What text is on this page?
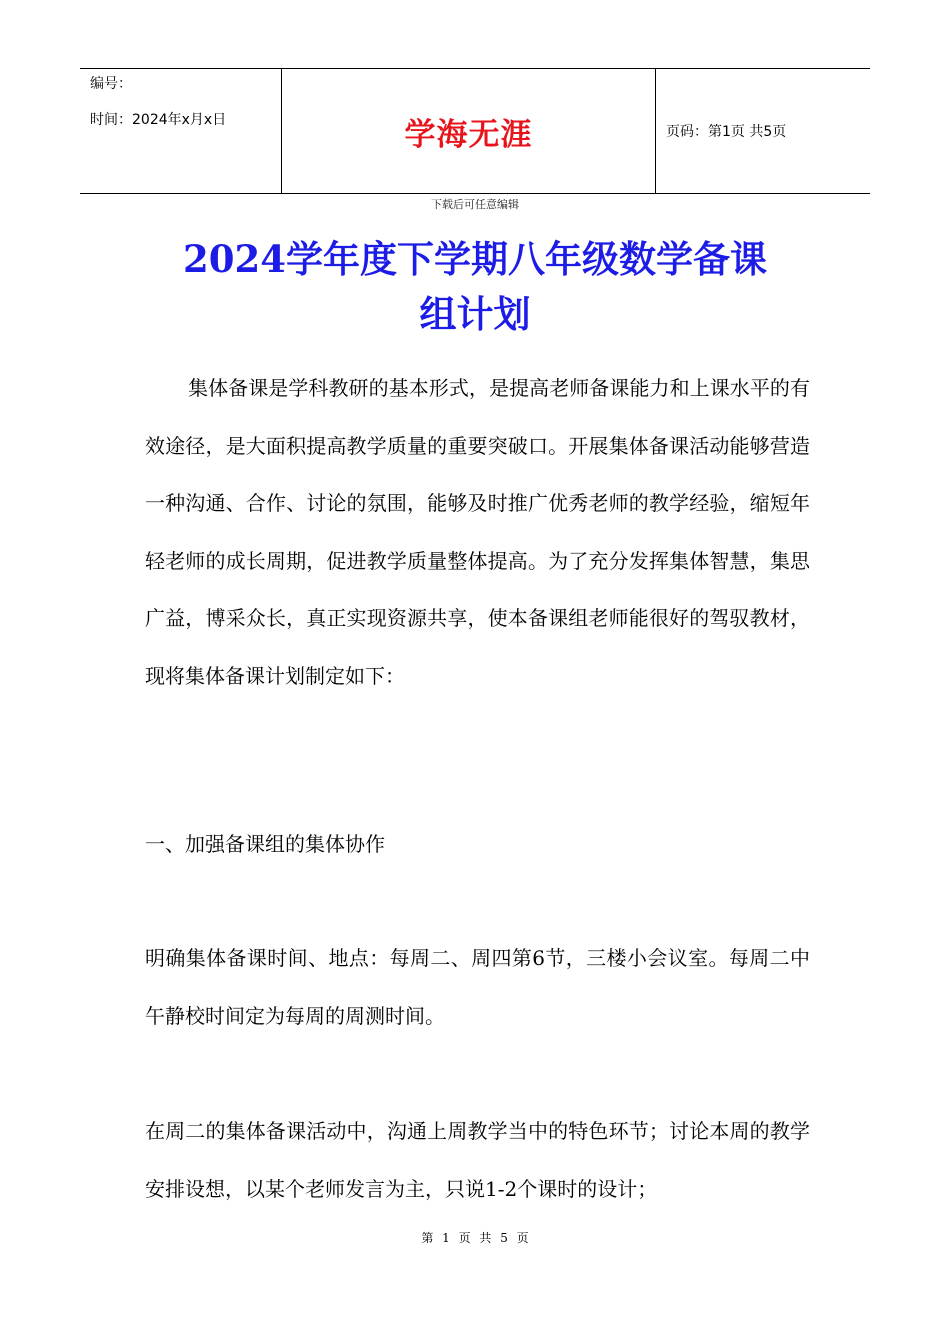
编号：
时间：2024年x月x日	学海无涯	页码：第1页 共5页
下载后可任意编辑
2024学年度下学期八年级数学备课
组计划

集体备课是学科教研的基本形式，是提高老师备课能力和上课水平的有效途径，是大面积提高教学质量的重要突破口。开展集体备课活动能够营造一种沟通、合作、讨论的氛围，能够及时推广优秀老师的教学经验，缩短年轻老师的成长周期，促进教学质量整体提高。为了充分发挥集体智慧，集思广益，博采众长，真正实现资源共享，使本备课组老师能很好的驾驭教材，现将集体备课计划制定如下：

一、加强备课组的集体协作

明确集体备课时间、地点：每周二、周四第6节，三楼小会议室。每周二中午静校时间定为每周的周测时间。

在周二的集体备课活动中，沟通上周教学当中的特色环节；讨论本周的教学安排设想，以某个老师发言为主，只说1-2个课时的设计；

第 1 页 共 5 页
